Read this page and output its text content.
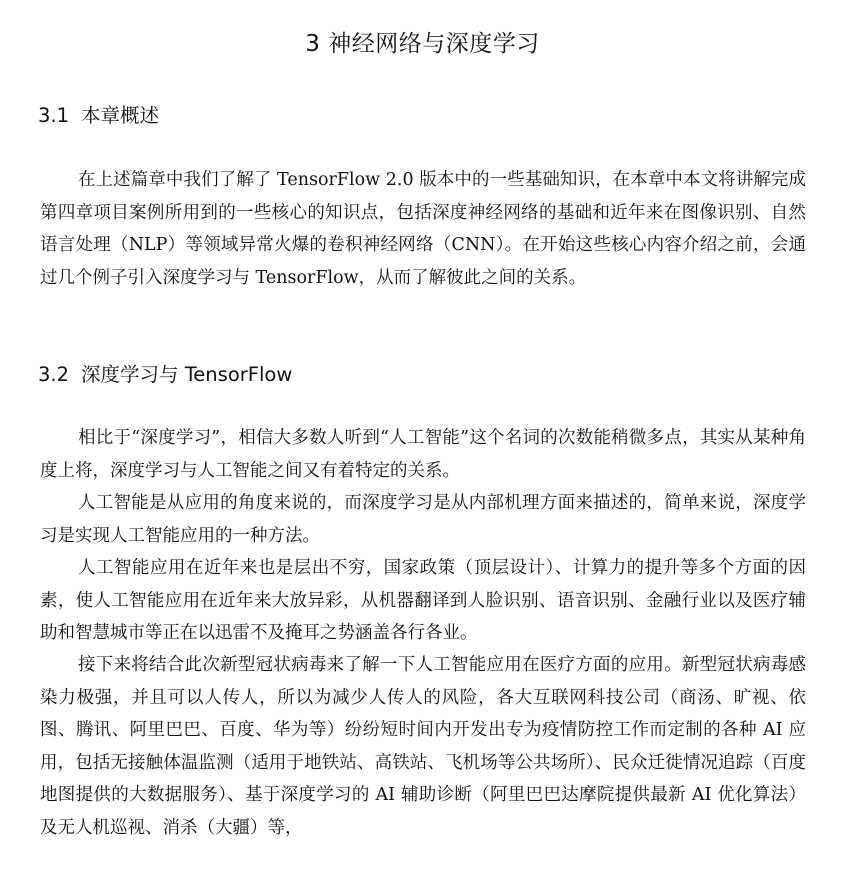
3 神经网络与深度学习
3.1 本章概述

在上述篇章中我们了解了 TensorFlow 2.0 版本中的一些基础知识，在本章中本文将讲解完成第四章项目案例所用到的一些核心的知识点，包括深度神经网络的基础和近年来在图像识别、自然语言处理（NLP）等领域异常火爆的卷积神经网络（CNN）。在开始这些核心内容介绍之前，会通过几个例子引入深度学习与 TensorFlow，从而了解彼此之间的关系。

3.2 深度学习与 TensorFlow

相比于“深度学习”，相信大多数人听到“人工智能”这个名词的次数能稍微多点，其实从某种角度上将，深度学习与人工智能之间又有着特定的关系。

人工智能是从应用的角度来说的，而深度学习是从内部机理方面来描述的，简单来说，深度学习是实现人工智能应用的一种方法。

人工智能应用在近年来也是层出不穷，国家政策（顶层设计）、计算力的提升等多个方面的因素，使人工智能应用在近年来大放异彩，从机器翻译到人脸识别、语音识别、金融行业以及医疗辅助和智慧城市等正在以迅雷不及掩耳之势涵盖各行各业。

接下来将结合此次新型冠状病毒来了解一下人工智能应用在医疗方面的应用。新型冠状病毒感染力极强，并且可以人传人，所以为减少人传人的风险，各大互联网科技公司（商汤、旷视、依图、腾讯、阿里巴巴、百度、华为等）纷纷短时间内开发出专为疫情防控工作而定制的各种 AI 应用，包括无接触体温监测（适用于地铁站、高铁站、飞机场等公共场所）、民众迁徙情况追踪（百度地图提供的大数据服务）、基于深度学习的 AI 辅助诊断（阿里巴巴达摩院提供最新 AI 优化算法）及无人机巡视、消杀（大疆）等，
